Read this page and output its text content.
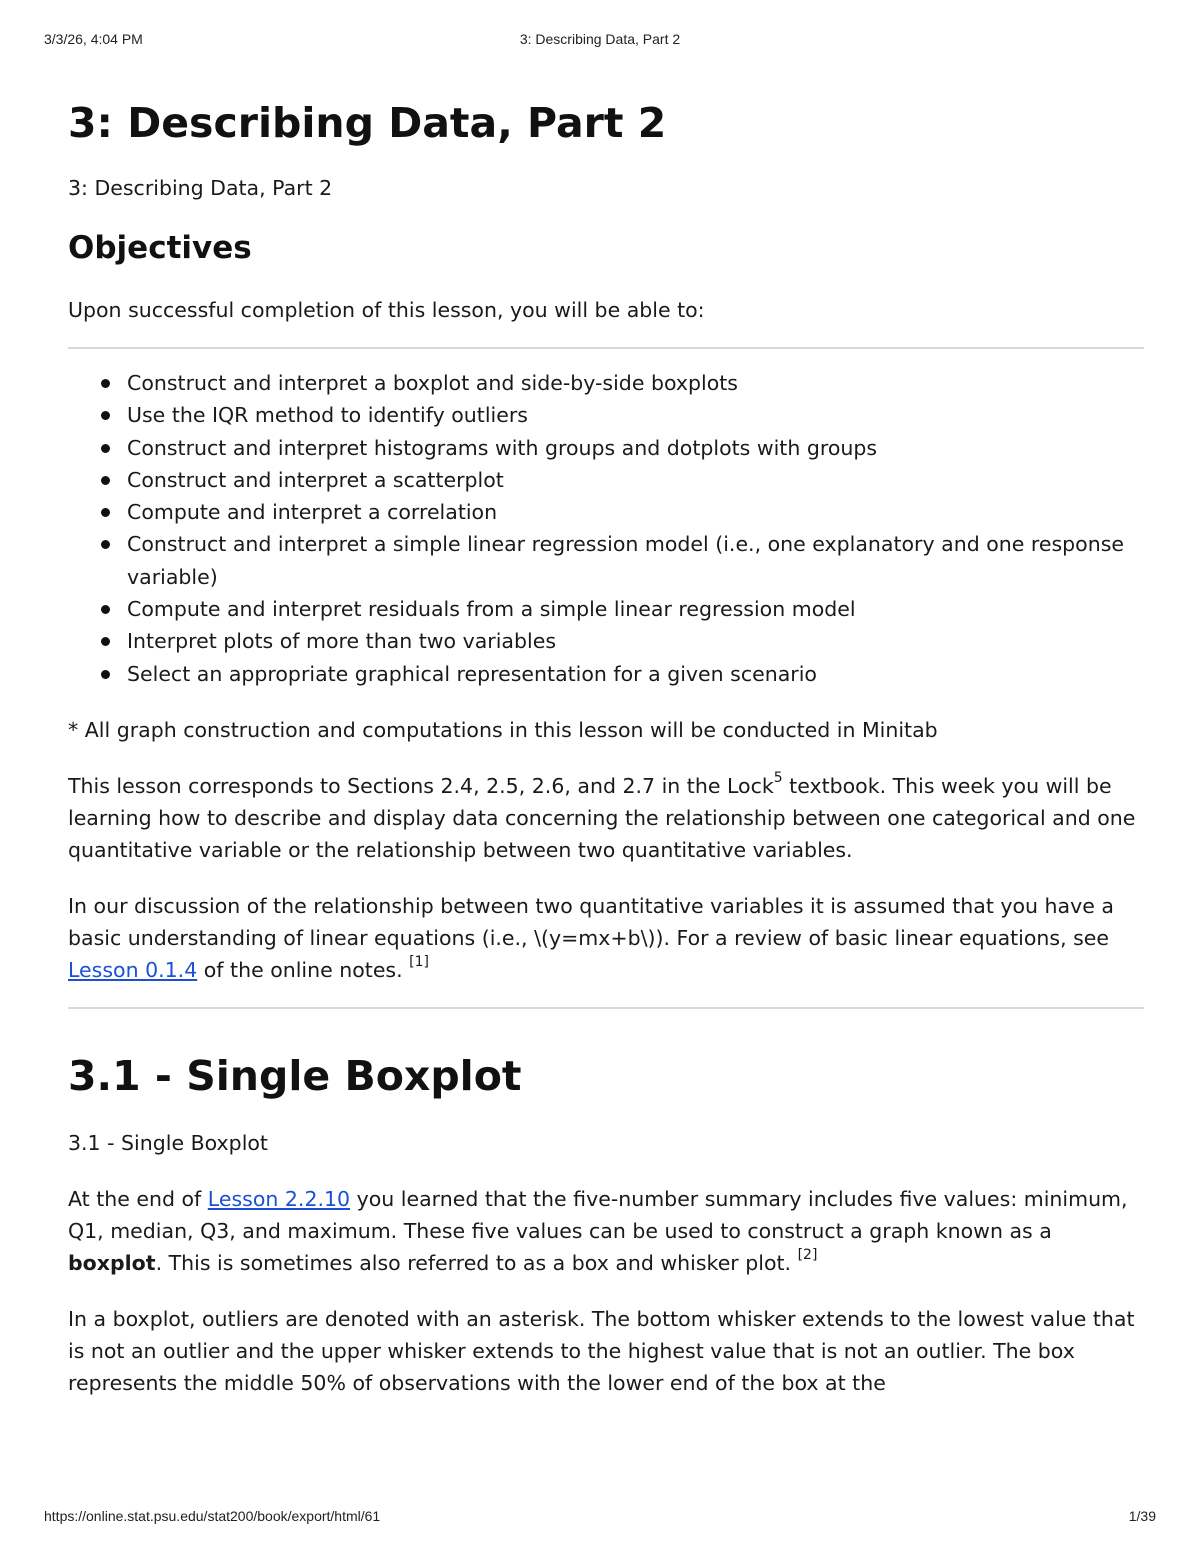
3/3/26, 4:04 PM	3: Describing Data, Part 2
3: Describing Data, Part 2

3: Describing Data, Part 2

Objectives

Upon successful completion of this lesson, you will be able to:

Construct and interpret a boxplot and side-by-side boxplots
Use the IQR method to identify outliers
Construct and interpret histograms with groups and dotplots with groups
Construct and interpret a scatterplot
Compute and interpret a correlation
Construct and interpret a simple linear regression model (i.e., one explanatory and one response variable)
Compute and interpret residuals from a simple linear regression model
Interpret plots of more than two variables
Select an appropriate graphical representation for a given scenario

* All graph construction and computations in this lesson will be conducted in Minitab

This lesson corresponds to Sections 2.4, 2.5, 2.6, and 2.7 in the Lock$^5$ textbook. This week you will be learning how to describe and display data concerning the relationship between one categorical and one quantitative variable or the relationship between two quantitative variables.

In our discussion of the relationship between two quantitative variables it is assumed that you have a basic understanding of linear equations (i.e., \(y=mx+b\)). For a review of basic linear equations, see Lesson 0.1.4 of the online notes. [1]

3.1 - Single Boxplot

3.1 - Single Boxplot

At the end of Lesson 2.2.10 you learned that the five-number summary includes five values: minimum, Q1, median, Q3, and maximum. These five values can be used to construct a graph known as a boxplot. This is sometimes also referred to as a box and whisker plot. [2]

In a boxplot, outliers are denoted with an asterisk. The bottom whisker extends to the lowest value that is not an outlier and the upper whisker extends to the highest value that is not an outlier. The box represents the middle 50% of observations with the lower end of the box at the

https://online.stat.psu.edu/stat200/book/export/html/61	1/39
